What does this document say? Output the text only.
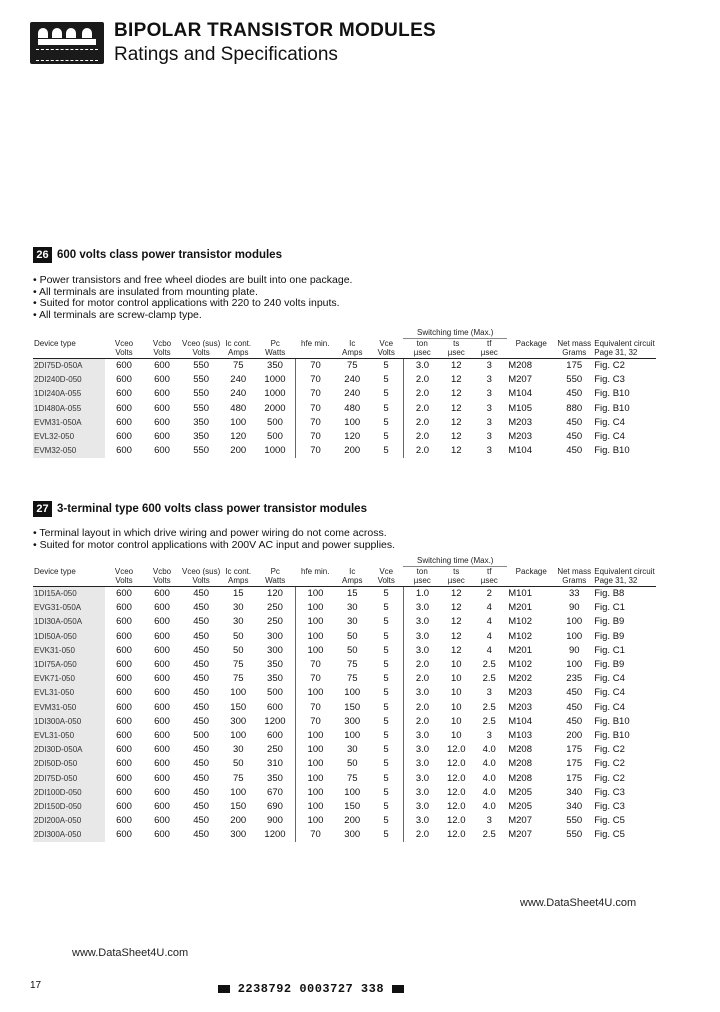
BIPOLAR TRANSISTOR MODULES
Ratings and Specifications
26 600 volts class power transistor modules
• Power transistors and free wheel diodes are built into one package.
• All terminals are insulated from mounting plate.
• Suited for motor control applications with 220 to 240 volts inputs.
• All terminals are screw-clamp type.
									Switching time (Max.)					
Device type	Vceo	Vcbo	Vceo (sus)	Ic cont.	Pc	hfe min.	Ic	Vce	ton	ts	tf	Package	Net mass	Equivalent circuit
	Volts	Volts	Volts	Amps	Watts		Amps	Volts	µsec	µsec	µsec		Grams	Page 31, 32
2DI75D-050A	600	600	550	75	350	70	75	5	3.0	12	3	M208	175	Fig. C2
2DI240D-050	600	600	550	240	1000	70	240	5	2.0	12	3	M207	550	Fig. C3
1DI240A-055	600	600	550	240	1000	70	240	5	2.0	12	3	M104	450	Fig. B10
1DI480A-055	600	600	550	480	2000	70	480	5	2.0	12	3	M105	880	Fig. B10
EVM31-050A	600	600	350	100	500	70	100	5	2.0	12	3	M203	450	Fig. C4
EVL32-050	600	600	350	120	500	70	120	5	2.0	12	3	M203	450	Fig. C4
EVM32-050	600	600	550	200	1000	70	200	5	2.0	12	3	M104	450	Fig. B10
27 3-terminal type 600 volts class power transistor modules
• Terminal layout in which drive wiring and power wiring do not come across.
• Suited for motor control applications with 200V AC input and power supplies.
									Switching time (Max.)					
Device type	Vceo	Vcbo	Vceo (sus)	Ic cont.	Pc	hfe min.	Ic	Vce	ton	ts	tf	Package	Net mass	Equivalent circuit
	Volts	Volts	Volts	Amps	Watts		Amps	Volts	µsec	µsec	µsec		Grams	Page 31, 32
1DI15A-050	600	600	450	15	120	100	15	5	1.0	12	2	M101	33	Fig. B8
EVG31-050A	600	600	450	30	250	100	30	5	3.0	12	4	M201	90	Fig. C1
1DI30A-050A	600	600	450	30	250	100	30	5	3.0	12	4	M102	100	Fig. B9
1DI50A-050	600	600	450	50	300	100	50	5	3.0	12	4	M102	100	Fig. B9
EVK31-050	600	600	450	50	300	100	50	5	3.0	12	4	M201	90	Fig. C1
1DI75A-050	600	600	450	75	350	70	75	5	2.0	10	2.5	M102	100	Fig. B9
EVK71-050	600	600	450	75	350	70	75	5	2.0	10	2.5	M202	235	Fig. C4
EVL31-050	600	600	450	100	500	100	100	5	3.0	10	3	M203	450	Fig. C4
EVM31-050	600	600	450	150	600	70	150	5	2.0	10	2.5	M203	450	Fig. C4
1DI300A-050	600	600	450	300	1200	70	300	5	2.0	10	2.5	M104	450	Fig. B10
EVL31-050	600	600	500	100	600	100	100	5	3.0	10	3	M103	200	Fig. B10
2DI30D-050A	600	600	450	30	250	100	30	5	3.0	12.0	4.0	M208	175	Fig. C2
2DI50D-050	600	600	450	50	310	100	50	5	3.0	12.0	4.0	M208	175	Fig. C2
2DI75D-050	600	600	450	75	350	100	75	5	3.0	12.0	4.0	M208	175	Fig. C2
2DI100D-050	600	600	450	100	670	100	100	5	3.0	12.0	4.0	M205	340	Fig. C3
2DI150D-050	600	600	450	150	690	100	150	5	3.0	12.0	4.0	M205	340	Fig. C3
2DI200A-050	600	600	450	200	900	100	200	5	3.0	12.0	3	M207	550	Fig. C5
2DI300A-050	600	600	450	300	1200	70	300	5	2.0	12.0	2.5	M207	550	Fig. C5
www.DataSheet4U.com
www.DataSheet4U.com
17	2238792 0003727 338
